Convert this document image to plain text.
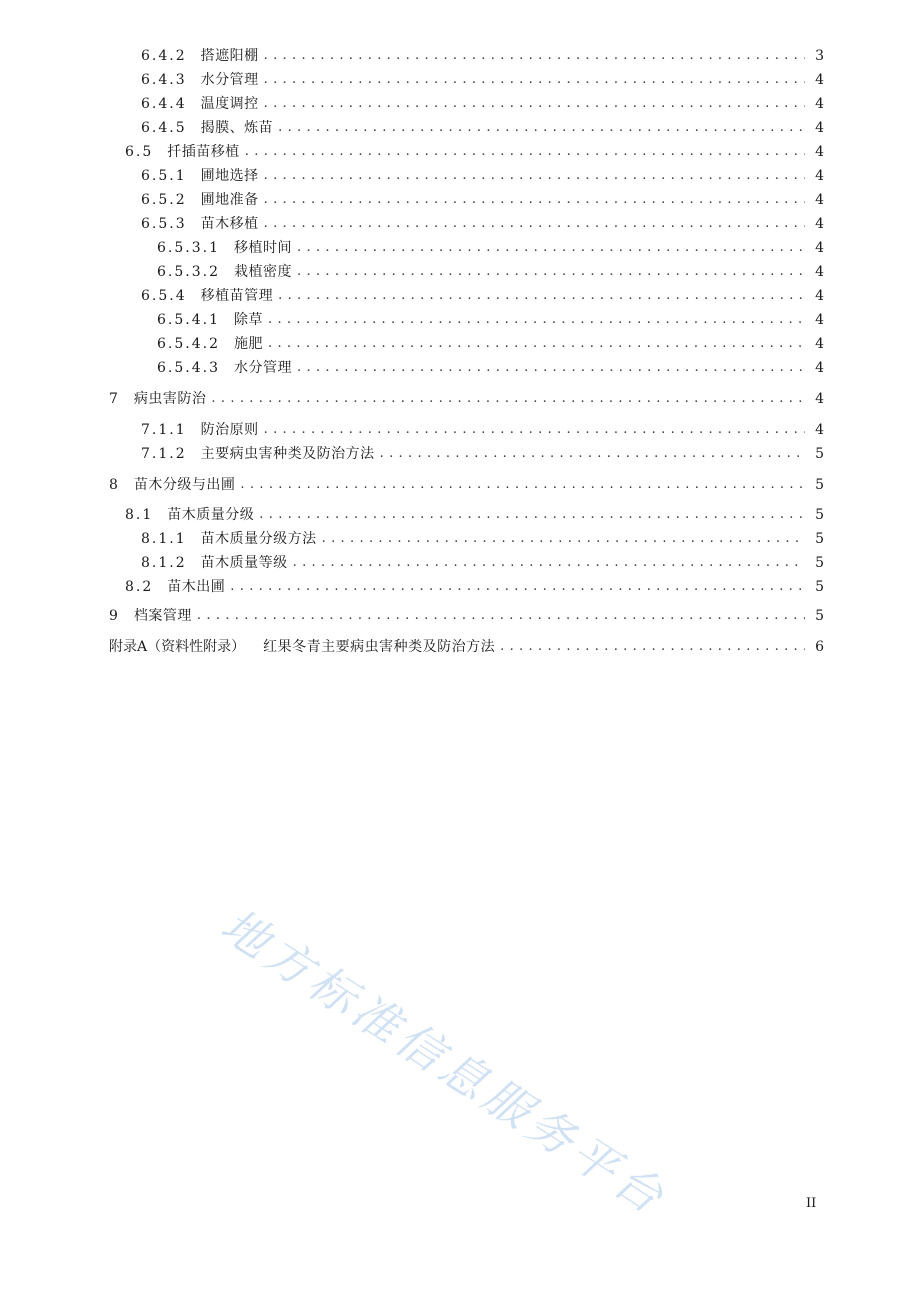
6.4.2 搭遮阳棚 . . .	3
6.4.3 水分管理 . . .	4
6.4.4 温度调控 . . .	4
6.4.5 揭膜、炼苗 . . .	4
6.5 扦插苗移植 . . .	4
6.5.1 圃地选择 . . .	4
6.5.2 圃地准备 . . .	4
6.5.3 苗木移植 . . .	4
6.5.3.1 移植时间 . . .	4
6.5.3.2 栽植密度 . . .	4
6.5.4 移植苗管理 . . .	4
6.5.4.1 除草 . . .	4
6.5.4.2 施肥 . . .	4
6.5.4.3 水分管理 . . .	4
7 病虫害防治 . . .	4
7.1.1 防治原则 . . .	4
7.1.2 主要病虫害种类及防治方法 . . .	5
8 苗木分级与出圃 . . .	5
8.1 苗木质量分级 . . .	5
8.1.1 苗木质量分级方法 . . .	5
8.1.2 苗木质量等级 . . .	5
8.2 苗木出圃 . . .	5
9 档案管理 . . .	5
附录A（资料性附录） 红果冬青主要病虫害种类及防治方法 . . .	6
地方标准信息服务平台	II
